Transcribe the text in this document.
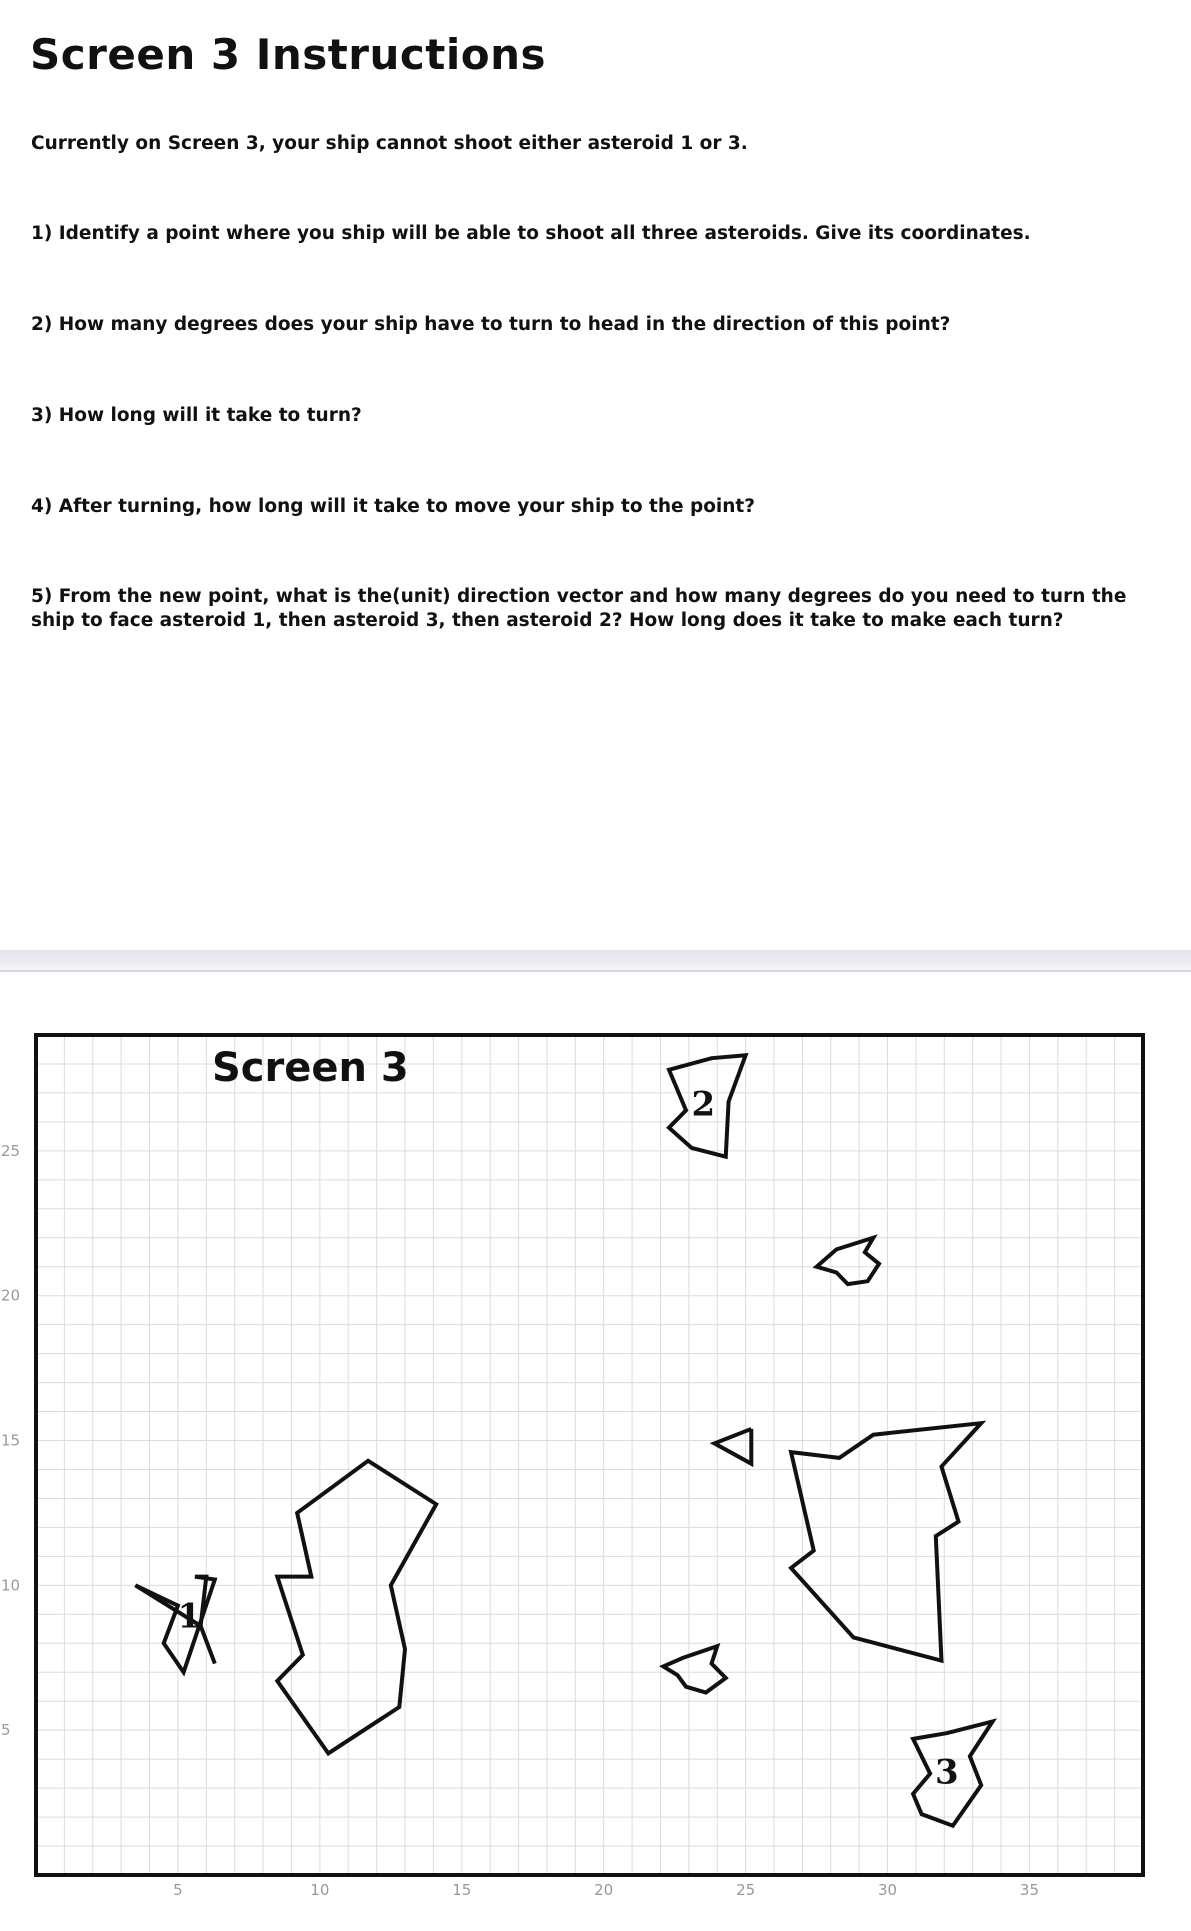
Screen 3 Instructions
Currently on Screen 3, your ship cannot shoot either asteroid 1 or 3.
1) Identify a point where you ship will be able to shoot all three asteroids. Give its coordinates.
2) How many degrees does your ship have to turn to head in the direction of this point?
3) How long will it take to turn?
4) After turning, how long will it take to move your ship to the point?
5) From the new point, what is the(unit) direction vector and how many degrees do you need to turn the ship to face asteroid 1, then asteroid 3, then asteroid 2? How long does it take to make each turn?
5	10	15	20	25	30	35
5
10
15
20
25
1
2
3
Screen 3
